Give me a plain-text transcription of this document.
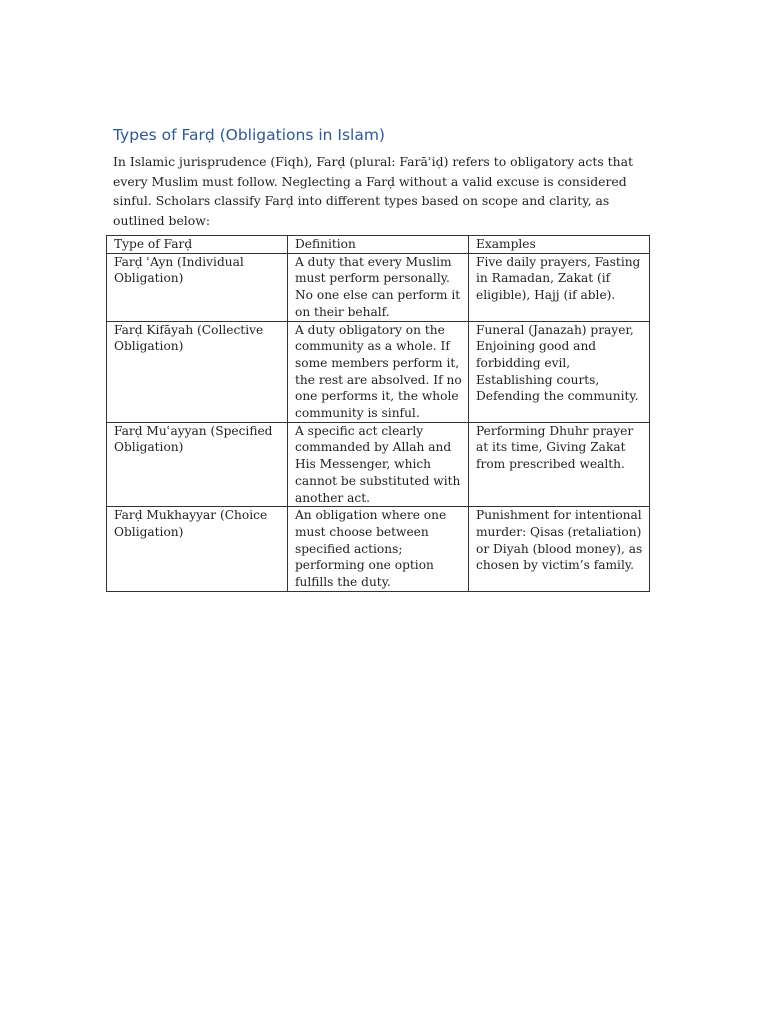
Types of Farḍ (Obligations in Islam)

In Islamic jurisprudence (Fiqh), Farḍ (plural: Farāʾiḍ) refers to obligatory acts that every Muslim must follow. Neglecting a Farḍ without a valid excuse is considered sinful. Scholars classify Farḍ into different types based on scope and clarity, as outlined below:

Type of Farḍ	Definition	Examples
Farḍ ʿAyn (Individual Obligation)	A duty that every Muslim must perform personally. No one else can perform it on their behalf.	Five daily prayers, Fasting in Ramadan, Zakat (if eligible), Hajj (if able).
Farḍ Kifāyah (Collective Obligation)	A duty obligatory on the community as a whole. If some members perform it, the rest are absolved. If no one performs it, the whole community is sinful.	Funeral (Janazah) prayer, Enjoining good and forbidding evil, Establishing courts, Defending the community.
Farḍ Muʿayyan (Specified Obligation)	A specific act clearly commanded by Allah and His Messenger, which cannot be substituted with another act.	Performing Dhuhr prayer at its time, Giving Zakat from prescribed wealth.
Farḍ Mukhayyar (Choice Obligation)	An obligation where one must choose between specified actions; performing one option fulfills the duty.	Punishment for intentional murder: Qisas (retaliation) or Diyah (blood money), as chosen by victim’s family.
